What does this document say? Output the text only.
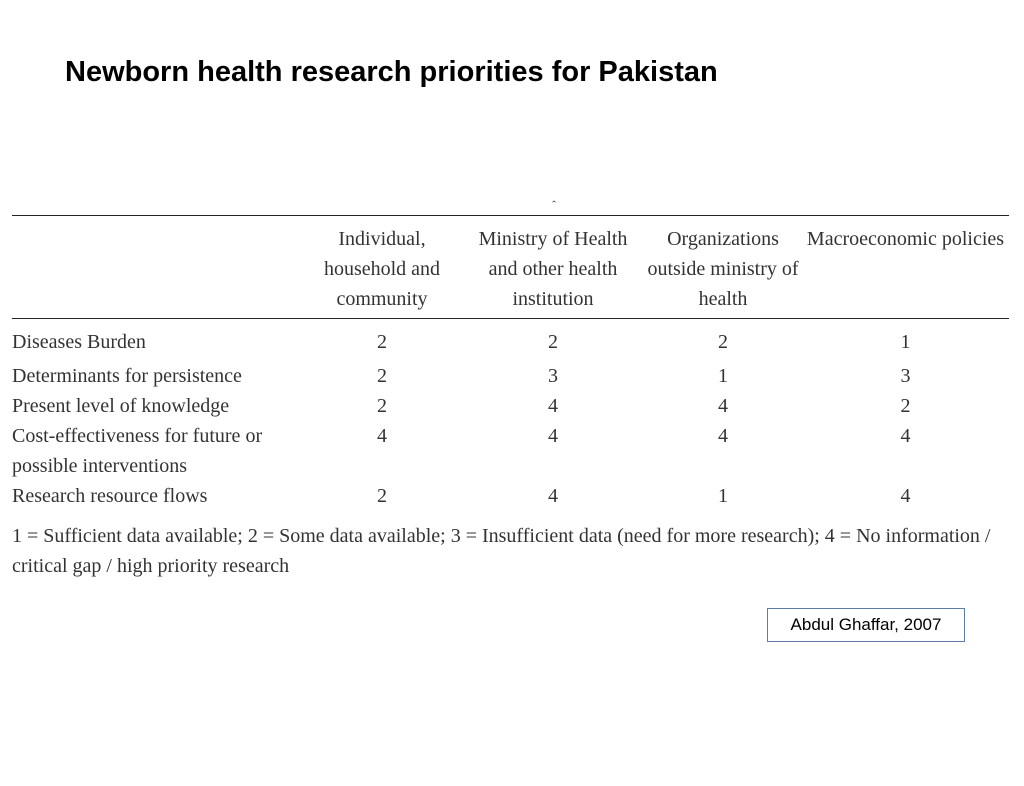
Newborn health research priorities for Pakistan
ˆ
	Individual, household and community	Ministry of Health and other health institution	Organizations outside ministry of health	Macroeconomic policies
Diseases Burden	2	2	2	1
Determinants for persistence	2	3	1	3
Present level of knowledge	2	4	4	2
Cost-effectiveness for future or possible interventions	4	4	4	4
Research resource flows	2	4	1	4

1 = Sufficient data available; 2 = Some data available; 3 = Insufficient data (need for more research); 4 = No information / critical gap / high priority research

Abdul Ghaffar, 2007
